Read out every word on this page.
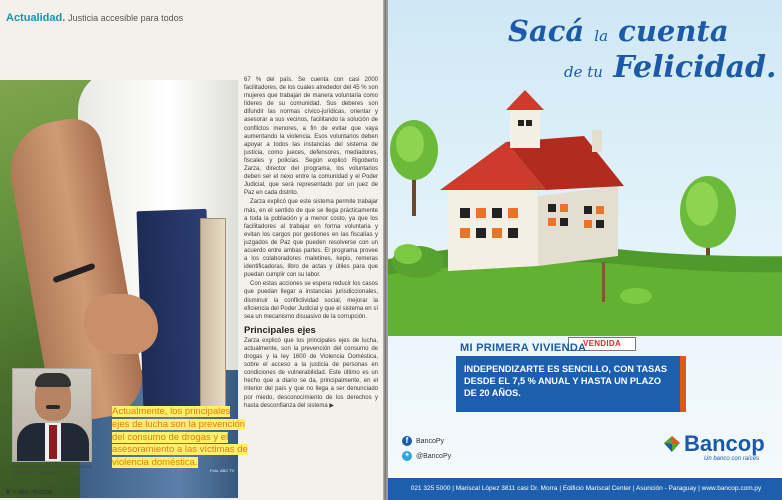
Actualidad. Justicia accesible para todos
Foto: ABC TV

67 % del país. Se cuenta con casi 2000 facilitadores, de los cuales alrededor del 45 % son mujeres que trabajan de manera voluntaria como líderes de su comunidad. Sus deberes son difundir las normas cívico-jurídicas, orientar y asesorar a sus vecinos, facilitando la solución de conflictos menores, a fin de evitar que vaya aumentando la violencia. Esos voluntarios deben apoyar a todos las instancias del sistema de justicia, como jueces, defensores, mediadores, fiscales y policías. Según explicó Rigoberto Zarza, director del programa, los voluntarios deben ser el nexo entre la comunidad y el Poder Judicial, que será representado por un juez de Paz en cada distrito.

Zarza explicó que este sistema permite trabajar más, en el sentido de que se llega prácticamente a toda la población y a menor costo, ya que los facilitadores al trabajar en forma voluntaria y evitan los cargos por gestiones en las fiscalías y juzgados de Paz que pueden resolverse con un acuerdo entre ambas partes. El programa provee a los colaboradores maletines, kepis, remeras identificadoras, libro de actas y útiles para que puedan cumplir con su labor.

Con estas acciones se espera reducir los casos que puedan llegar a instancias jurisdiccionales, disminuir la conflictividad social, mejorar la eficiencia del Poder Judicial y que el sistema en sí sea un mecanismo disuasivo de la corrupción.

Principales ejes

Zarza explicó que los principales ejes de lucha, actualmente, son la prevención del consumo de drogas y la ley 1600 de Violencia Doméstica, sobre el acceso a la justicia de personas en condiciones de vulnerabilidad. Este último es un hecho que a diario se da, principalmente, en el interior del país y que no llega a ser denunciado por miedo, desconocimiento de los derechos y hasta desconfianza del sistema ▶

Roberto Zarza, director del programa de Facilitadores Judiciales.
Actualmente, los principales ejes de lucha son la prevención del consumo de drogas y el asesoramiento a las víctimas de violencia doméstica.
8 < abc revista
Sacá la cuenta
de tu Felicidad.
VENDIDA
MI PRIMERA VIVIENDA
INDEPENDIZARTE ES SENCILLO, CON TASAS DESDE EL 7,5 % ANUAL Y HASTA UN PLAZO DE 20 AÑOS.
f	BancoPy
✦ @BancoPy	Bancop
Un banco con raíces
021 325 5000 | Mariscal López 3811 casi Dr. Morra | Edificio Mariscal Center | Asunción - Paraguay | www.bancop.com.py
